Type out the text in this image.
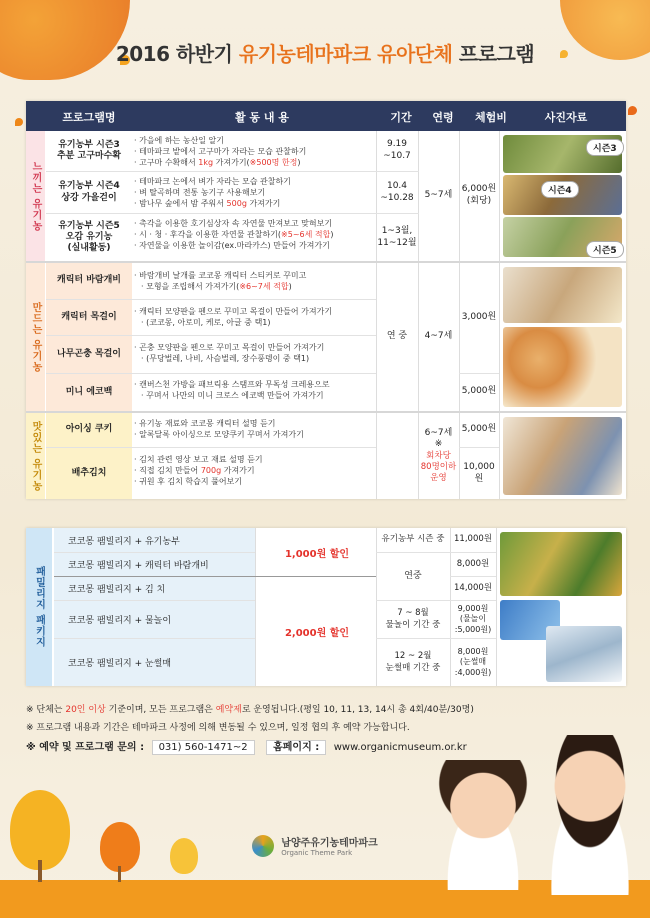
2016 하반기 유기농테마파크 유아단체 프로그램
프로그램명	활 동 내 용	기간	연령	체험비	사진자료
느끼는 유기농
유기농부 시즌3
추분 고구마수확
· 가을에 하는 농산일 알기
· 테마파크 밭에서 고구마가 자라는 모습 관찰하기
· 고구마 수확해서 1kg 가져가기(※500명 한정)
9.19
~10.7
유기농부 시즌4
상강 가을걷이
· 테마파크 논에서 벼가 자라는 모습 관찰하기
· 벼 탈곡하며 전통 농기구 사용해보기
· 밤나무 숲에서 밤 주워서 500g 가져가기
10.4
~10.28
유기농부 시즌5
오감 유기농
(실내활동)
· 촉각을 이용한 호기심상자 속 자연물 만져보고 맞혀보기
· 시 · 청 · 후각을 이용한 자연물 관찰하기(※5~6세 적합)
· 자연물을 이용한 놀이감(ex.마라카스) 만들어 가져가기
1~3월,
11~12월
5~7세
6,000원
(회당)
시즌3
시즌4
시즌5
만드는 유기농
캐릭터 바람개비
·	바람개비 날개를 코코몽 캐릭터 스티커로 꾸미고
· 모형을 조립해서 가져가기(※6~7세 적합)
캐릭터 목걸이
· 캐릭터 모양판을 펜으로 꾸미고 목걸이 만들어 가져가기
· (코코몽, 아로미, 케로, 아글 중 택1)
나무곤충 목걸이
· 곤충 모양판을 펜으로 꾸미고 목걸이 만들어 가져가기
· (무당벌레, 나비, 사슴벌레, 장수풍뎅이 중 택1)
미니 에코백
· 캔버스천 가방을 패브릭용 스탬프와 무독성 크레용으로
· 꾸며서 나만의 미니 크로스 에코백 만들어 가져가기
연 중	4~7세
3,000원
5,000원
맛있는 유기농	아이싱 쿠키
· 유기농 재료와 코코몽 캐릭터 설명 듣기
· 알록달록 아이싱으로 모양쿠키 꾸며서 가져가기
배추김치
· 김치 관련 영상 보고 재료 설명 듣기
· 직접 김치 만들어 700g 가져가기
· 귀원 후 김치 학습지 풀어보기
6~7세
※
회차당
80명이하
운영
5,000원
10,000원
패밀리지 패키지
코코몽 팸빌리지 + 유기농부
코코몽 팸빌리지 + 캐릭터 바람개비
코코몽 팸빌리지 + 김 치
코코몽 팸빌리지 + 물놀이
코코몽 팸빌리지 + 눈썰매
1,000원 할인
2,000원 할인
유기농부 시즌 중
연중
7 ~ 8월
물놀이 기간 중
12 ~ 2월
눈썰매 기간 중
11,000원
8,000원
14,000원
9,000원
(물놀이
:5,000원)
8,000원
(눈썰매
:4,000원)
※ 단체는 20인 이상 기준이며, 모든 프로그램은 예약제로 운영됩니다.(평일 10, 11, 13, 14시 총 4회/40분/30명)
※ 프로그램 내용과 기간은 테마파크 사정에 의해 변동될 수 있으며, 일정 협의 후 예약 가능합니다.
※ 예약 및 프로그램 문의 : 031) 560-1471~2	홈페이지 : www.organicmuseum.or.kr

남양주유기농테마파크
Organic Theme Park
